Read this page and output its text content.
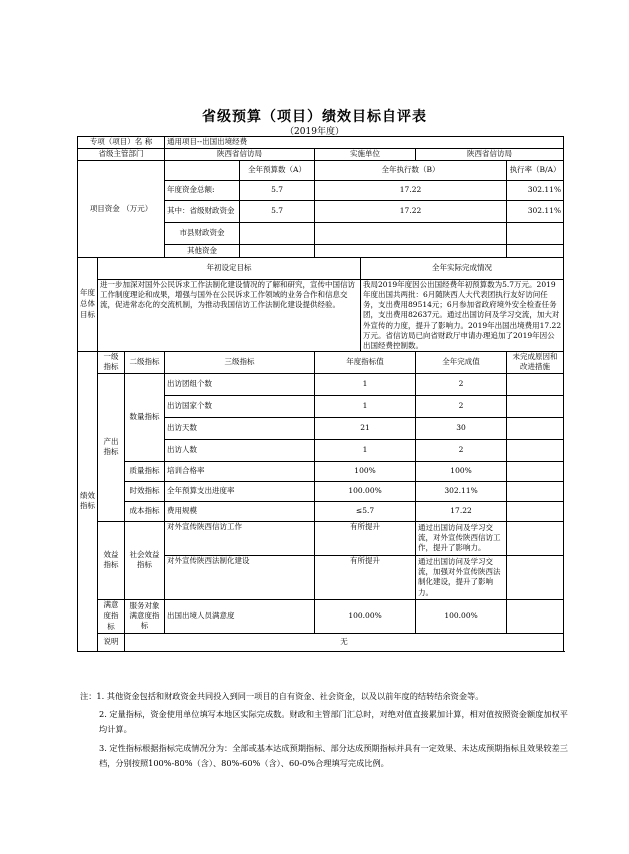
省级预算（项目）绩效目标自评表
（2019年度）
专项（项目）名 称			通用项目--出国出境经费					
省级主管部门			陕西省信访局		实施单位		陕西省信访局	
项目资金 （万元）				全年预算数（A）	全年执行数（B）			执行率（B/A）
			年度资金总额:	5.7	17.22			302.11%
			其中：省级财政资金	5.7	17.22			302.11%
			市县财政资金					
			其他资金					
年度总体目标	年初设定目标					全年实际完成情况		
	进一步加深对国外公民诉求工作法制化建设情况的了解和研究，宣传中国信访工作制度理论和成果，增强与国外在公民诉求工作领域的业务合作和信息交流，促进常态化的交流机制，为推动我国信访工作法制化建设提供经验。					我局2019年度因公出国经费年初预算数为5.7万元。2019年度出国共两批：6月随陕西人大代表团执行友好访问任务，支出费用89514元；6月参加省政府境外安全检查任务团，支出费用82637元。通过出国访问及学习交流，加大对外宣传的力度，提升了影响力。2019年出国出境费用17.22万元。省信访局已向省财政厅申请办理追加了2019年因公出国经费控制数。		
绩效指标	一级指标	二级指标	三级指标		年度指标值		全年完成值	未完成原因和改进措施
	产出指标	数量指标	出访团组个数		1		2	
			出访国家个数		1		2	
			出访天数		21		30	
			出访人数		1		2	
		质量指标	培训合格率		100%		100%	
		时效指标	全年预算支出进度率		100.00%		302.11%	
		成本指标	费用规模		≤5.7		17.22	
	效益指标	社会效益指标	对外宣传陕西信访工作		有所提升		通过出国访问及学习交流，对外宣传陕西信访工作，提升了影响力。	
			对外宣传陕西法制化建设		有所提升		通过出国访问及学习交流，加强对外宣传陕西法制化建设，提升了影响力。	
	满意度指标	服务对象满意度指标	出国出境人员满意度		100.00%		100.00%	
	说明	无						

注：1. 其他资金包括和财政资金共同投入到同一项目的自有资金、社会资金，以及以前年度的结转结余资金等。

2. 定量指标，资金使用单位填写本地区实际完成数。财政和主管部门汇总时，对绝对值直接累加计算，相对值按照资金额度加权平均计算。

3. 定性指标根据指标完成情况分为：全部或基本达成预期指标、部分达成预期指标并具有一定效果、未达成预期指标且效果较差三档，分别按照100%-80%（含）、80%-60%（含）、60-0%合理填写完成比例。
